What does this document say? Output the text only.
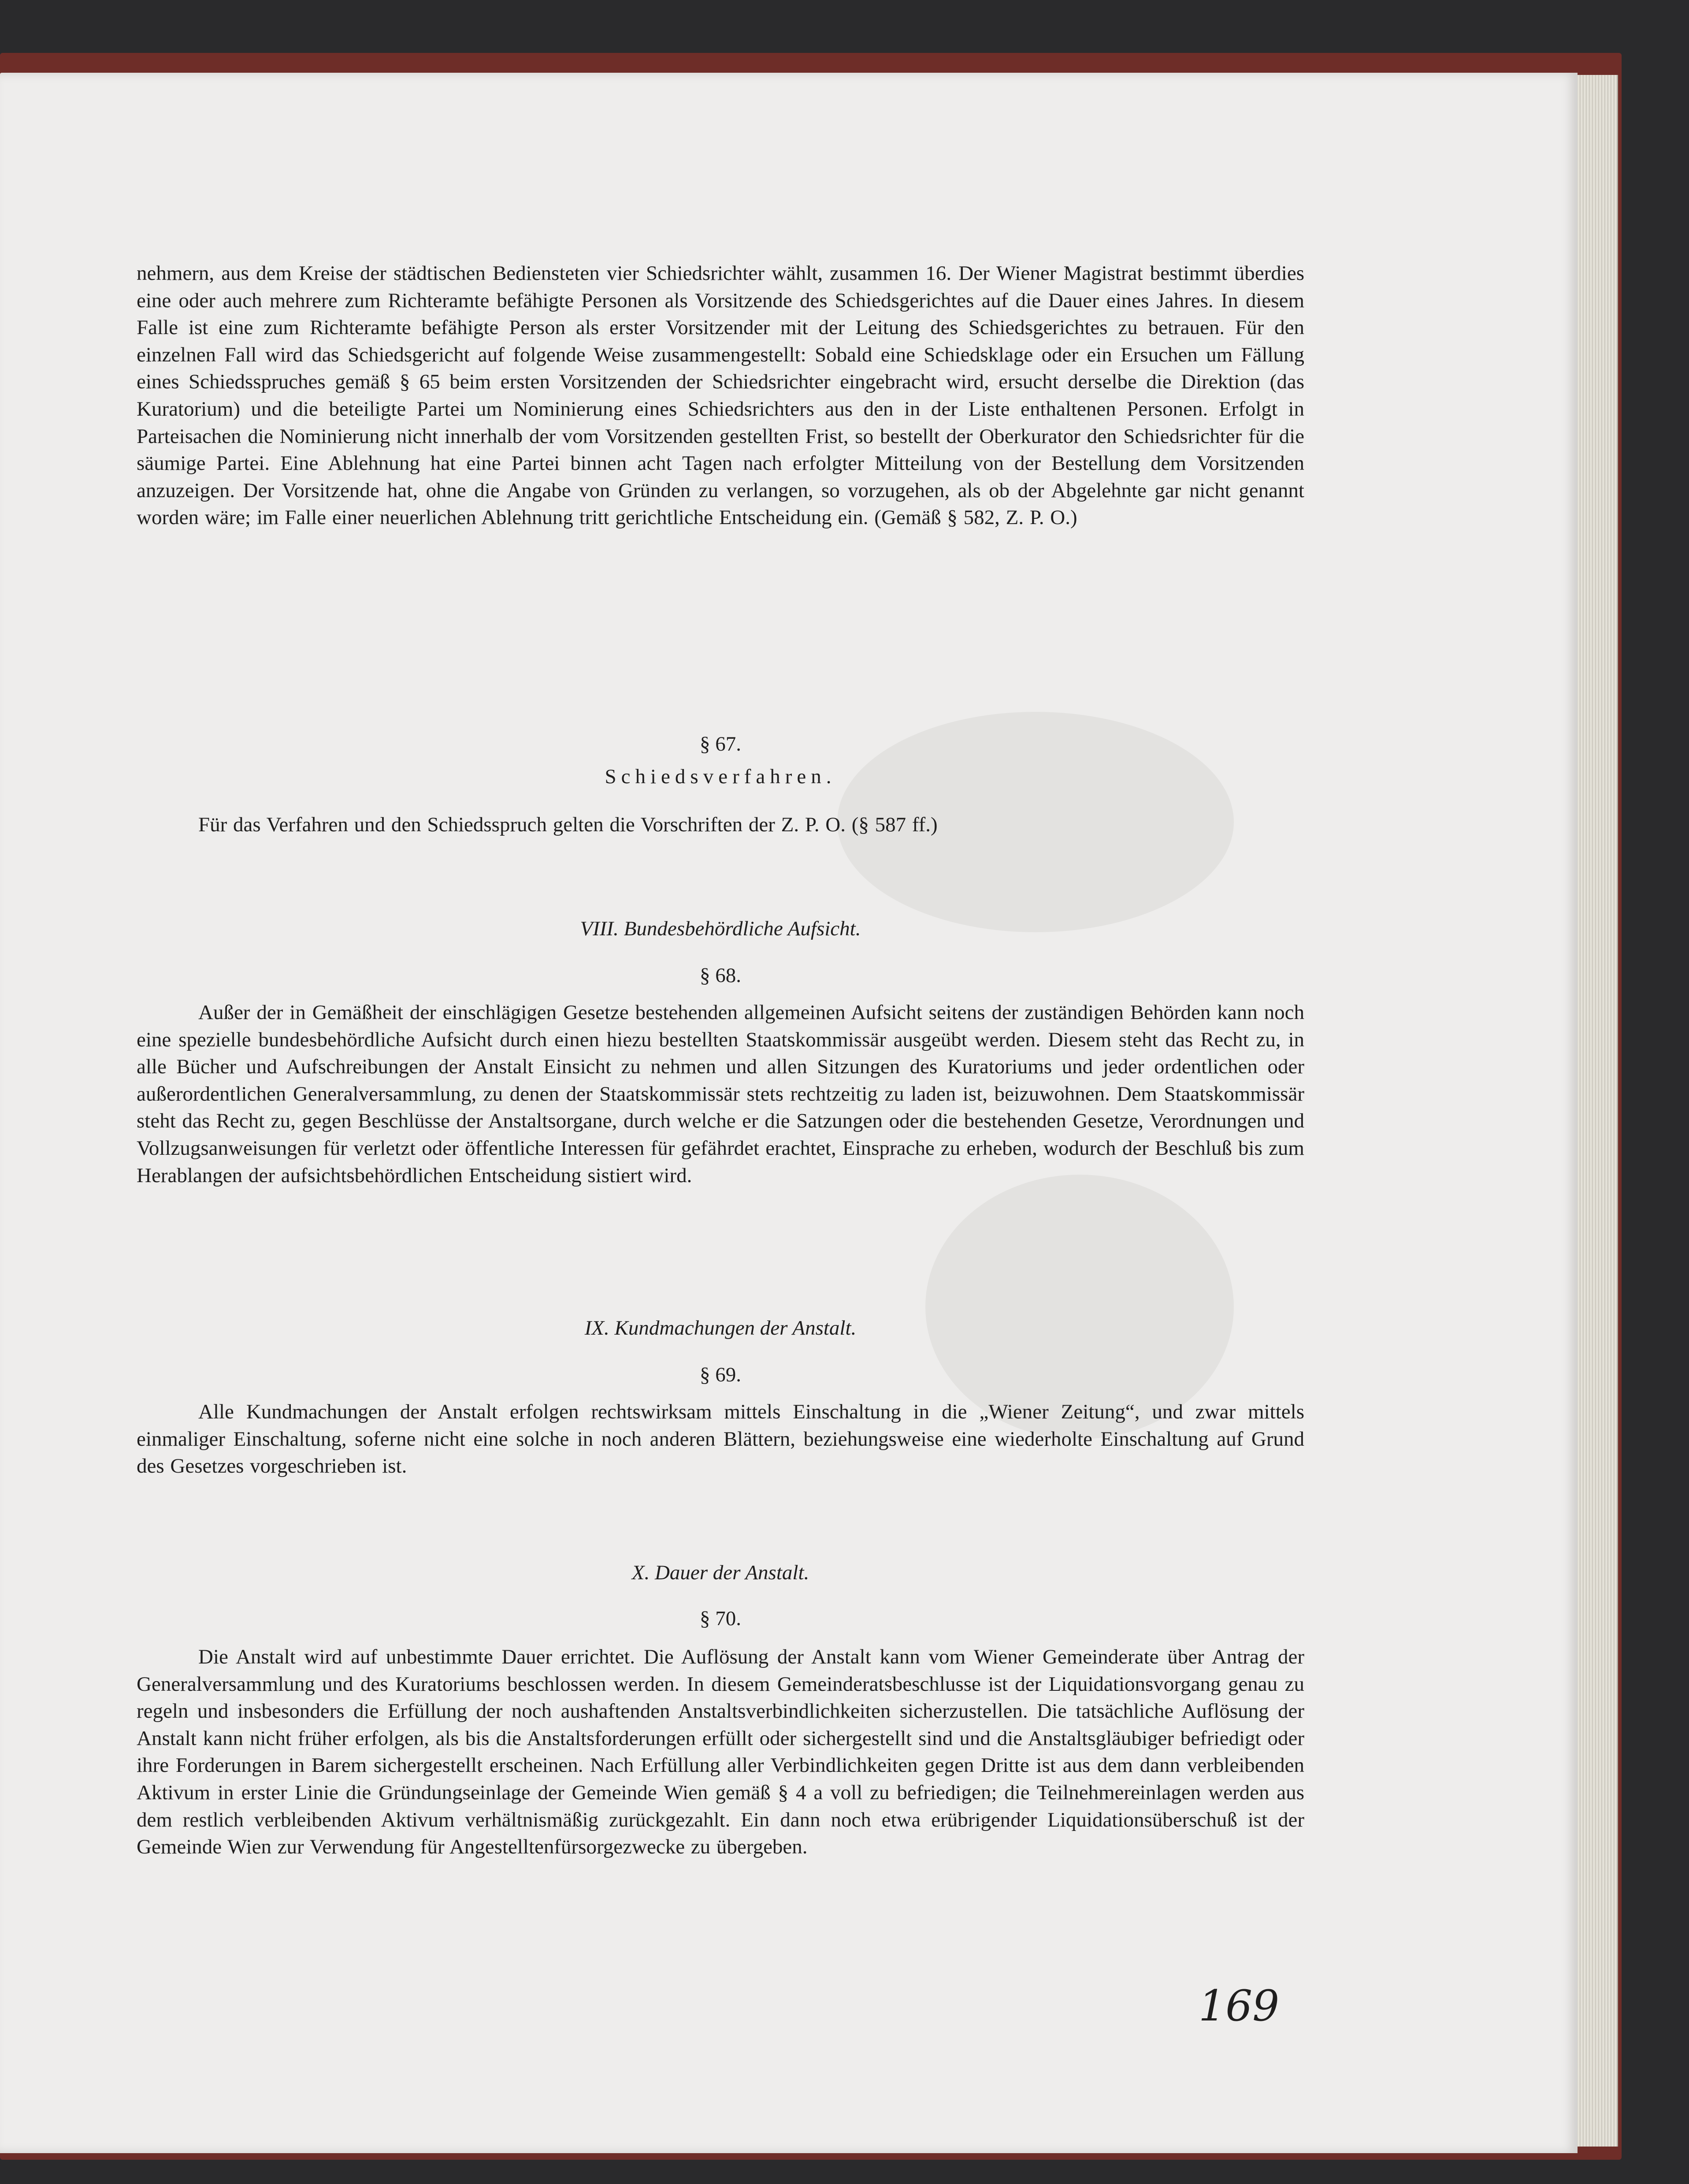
nehmern, aus dem Kreise der städtischen Bediensteten vier Schiedsrichter wählt, zusammen 16. Der Wiener Magistrat bestimmt überdies eine oder auch mehrere zum Richteramte befähigte Personen als Vorsitzende des Schiedsgerichtes auf die Dauer eines Jahres. In diesem Falle ist eine zum Richteramte befähigte Person als erster Vorsitzender mit der Leitung des Schiedsgerichtes zu betrauen. Für den einzelnen Fall wird das Schiedsgericht auf folgende Weise zusammengestellt: Sobald eine Schiedsklage oder ein Ersuchen um Fällung eines Schiedsspruches gemäß § 65 beim ersten Vorsitzenden der Schiedsrichter eingebracht wird, ersucht derselbe die Direktion (das Kuratorium) und die beteiligte Partei um Nominierung eines Schiedsrichters aus den in der Liste enthaltenen Personen. Erfolgt in Parteisachen die Nominierung nicht innerhalb der vom Vorsitzenden gestellten Frist, so bestellt der Oberkurator den Schiedsrichter für die säumige Partei. Eine Ablehnung hat eine Partei binnen acht Tagen nach erfolgter Mitteilung von der Bestellung dem Vorsitzenden anzuzeigen. Der Vorsitzende hat, ohne die Angabe von Gründen zu verlangen, so vorzugehen, als ob der Abgelehnte gar nicht genannt worden wäre; im Falle einer neuerlichen Ablehnung tritt gerichtliche Entscheidung ein. (Gemäß § 582, Z. P. O.)

§ 67.

Schiedsverfahren.

Für das Verfahren und den Schiedsspruch gelten die Vorschriften der Z. P. O. (§ 587 ff.)

VIII. Bundesbehördliche Aufsicht.

§ 68.

Außer der in Gemäßheit der einschlägigen Gesetze bestehenden allgemeinen Aufsicht seitens der zuständigen Behörden kann noch eine spezielle bundesbehördliche Aufsicht durch einen hiezu bestellten Staatskommissär ausgeübt werden. Diesem steht das Recht zu, in alle Bücher und Aufschreibungen der Anstalt Einsicht zu nehmen und allen Sitzungen des Kuratoriums und jeder ordentlichen oder außerordentlichen Generalversammlung, zu denen der Staatskommissär stets rechtzeitig zu laden ist, beizuwohnen. Dem Staatskommissär steht das Recht zu, gegen Beschlüsse der Anstaltsorgane, durch welche er die Satzungen oder die bestehenden Gesetze, Verordnungen und Vollzugsanweisungen für verletzt oder öffentliche Interessen für gefährdet erachtet, Einsprache zu erheben, wodurch der Beschluß bis zum Herablangen der aufsichtsbehördlichen Entscheidung sistiert wird.

IX. Kundmachungen der Anstalt.

§ 69.

Alle Kundmachungen der Anstalt erfolgen rechtswirksam mittels Einschaltung in die „Wiener Zeitung“, und zwar mittels einmaliger Einschaltung, soferne nicht eine solche in noch anderen Blättern, beziehungsweise eine wiederholte Einschaltung auf Grund des Gesetzes vorgeschrieben ist.

X. Dauer der Anstalt.

§ 70.

Die Anstalt wird auf unbestimmte Dauer errichtet. Die Auflösung der Anstalt kann vom Wiener Gemeinderate über Antrag der Generalversammlung und des Kuratoriums beschlossen werden. In diesem Gemeinderatsbeschlusse ist der Liquidationsvorgang genau zu regeln und insbesonders die Erfüllung der noch aushaftenden Anstaltsverbindlichkeiten sicherzustellen. Die tatsächliche Auflösung der Anstalt kann nicht früher erfolgen, als bis die Anstaltsforderungen erfüllt oder sichergestellt sind und die Anstaltsgläubiger befriedigt oder ihre Forderungen in Barem sichergestellt erscheinen. Nach Erfüllung aller Verbindlichkeiten gegen Dritte ist aus dem dann verbleibenden Aktivum in erster Linie die Gründungseinlage der Gemeinde Wien gemäß § 4 a voll zu befriedigen; die Teilnehmereinlagen werden aus dem restlich verbleibenden Aktivum verhältnismäßig zurückgezahlt. Ein dann noch etwa erübrigender Liquidationsüberschuß ist der Gemeinde Wien zur Verwendung für Angestelltenfürsorgezwecke zu übergeben.

169
